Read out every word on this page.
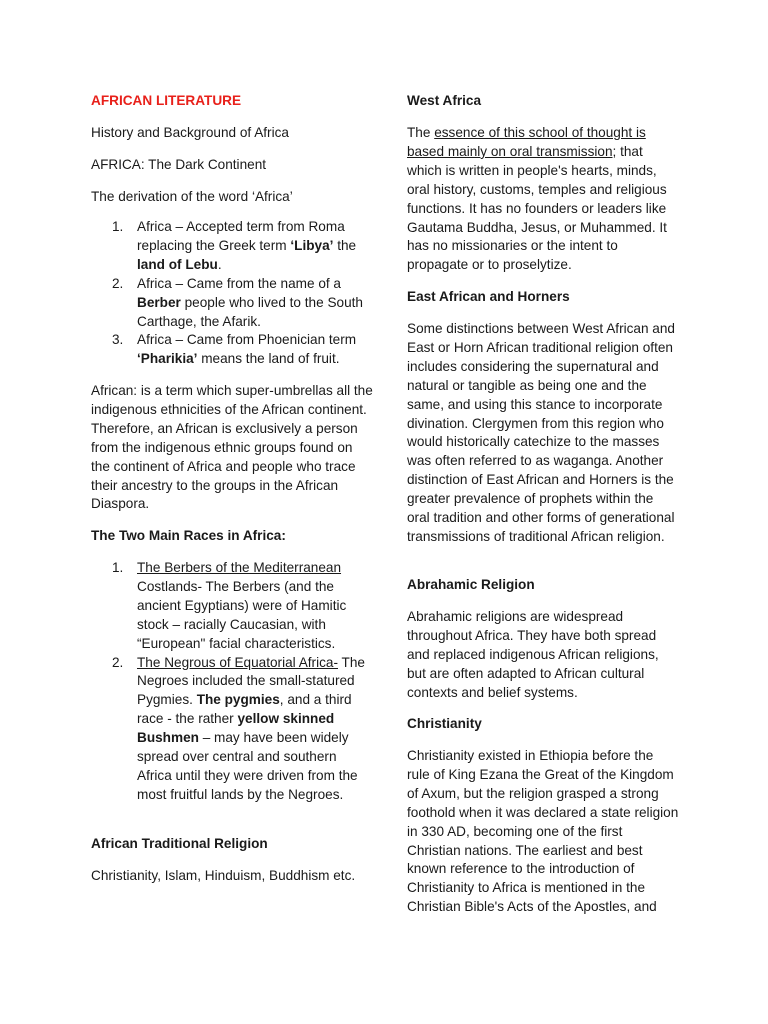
AFRICAN LITERATURE

History and Background of Africa

AFRICA: The Dark Continent

The derivation of the word ‘Africa’

1. Africa – Accepted term from Roma replacing the Greek term ‘Libya’ the land of Lebu.
2. Africa – Came from the name of a Berber people who lived to the South Carthage, the Afarik.
3. Africa – Came from Phoenician term ‘Pharikia’ means the land of fruit.

African: is a term which super-umbrellas all the indigenous ethnicities of the African continent. Therefore, an African is exclusively a person from the indigenous ethnic groups found on the continent of Africa and people who trace their ancestry to the groups in the African Diaspora.

The Two Main Races in Africa:

1. The Berbers of the Mediterranean Costlands- The Berbers (and the ancient Egyptians) were of Hamitic stock – racially Caucasian, with “European" facial characteristics.
2. The Negrous of Equatorial Africa- The Negroes included the small-statured Pygmies. The pygmies, and a third race - the rather yellow skinned Bushmen – may have been widely spread over central and southern Africa until they were driven from the most fruitful lands by the Negroes.

African Traditional Religion

Christianity, Islam, Hinduism, Buddhism etc.

West Africa

The essence of this school of thought is based mainly on oral transmission; that which is written in people's hearts, minds, oral history, customs, temples and religious functions. It has no founders or leaders like Gautama Buddha, Jesus, or Muhammed. It has no missionaries or the intent to propagate or to proselytize.

East African and Horners

Some distinctions between West African and East or Horn African traditional religion often includes considering the supernatural and natural or tangible as being one and the same, and using this stance to incorporate divination. Clergymen from this region who would historically catechize to the masses was often referred to as waganga. Another distinction of East African and Horners is the greater prevalence of prophets within the oral tradition and other forms of generational transmissions of traditional African religion.

Abrahamic Religion

Abrahamic religions are widespread throughout Africa. They have both spread and replaced indigenous African religions, but are often adapted to African cultural contexts and belief systems.

Christianity

Christianity existed in Ethiopia before the rule of King Ezana the Great of the Kingdom of Axum, but the religion grasped a strong foothold when it was declared a state religion in 330 AD, becoming one of the first Christian nations. The earliest and best known reference to the introduction of Christianity to Africa is mentioned in the Christian Bible's Acts of the Apostles, and
